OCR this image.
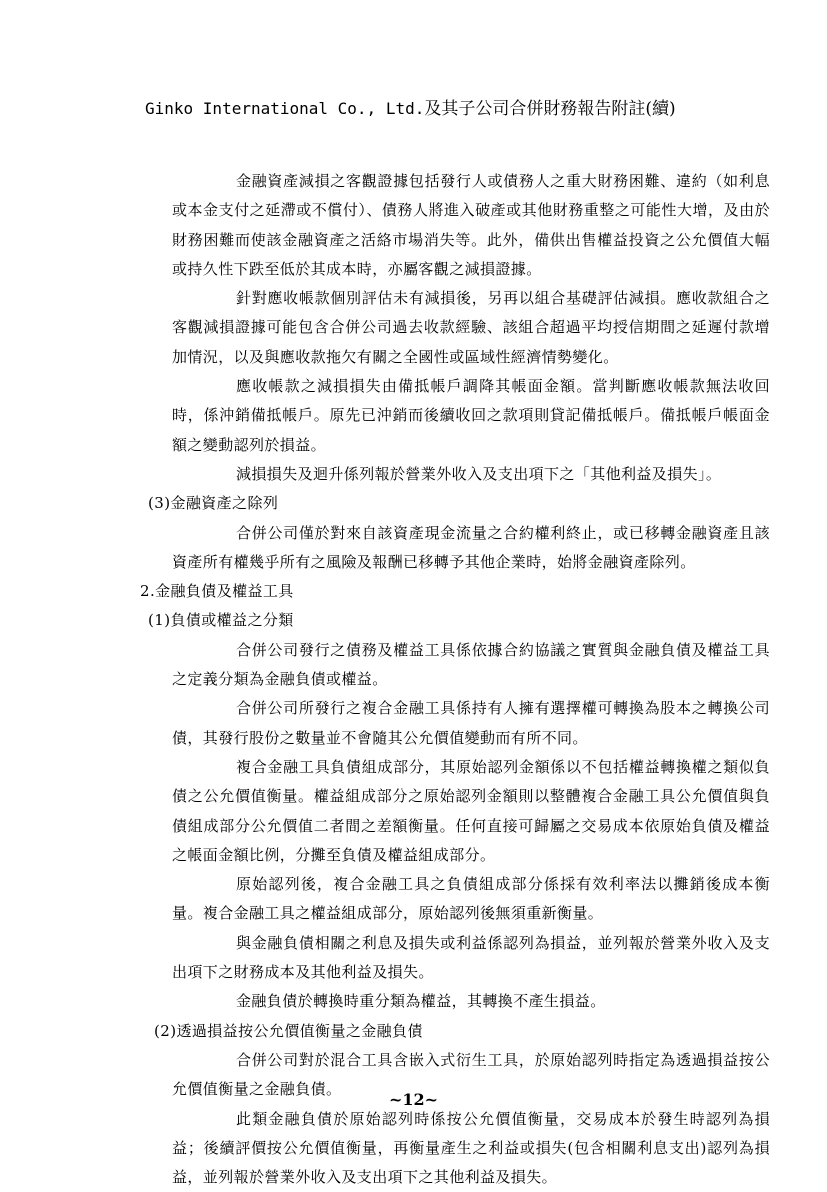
Ginko International Co., Ltd.及其子公司合併財務報告附註(續)

金融資產減損之客觀證據包括發行人或債務人之重大財務困難、違約（如利息或本金支付之延滯或不償付）、債務人將進入破產或其他財務重整之可能性大增，及由於財務困難而使該金融資產之活絡市場消失等。此外，備供出售權益投資之公允價值大幅或持久性下跌至低於其成本時，亦屬客觀之減損證據。

針對應收帳款個別評估未有減損後，另再以組合基礎評估減損。應收款組合之客觀減損證據可能包含合併公司過去收款經驗、該組合超過平均授信期間之延遲付款增加情況，以及與應收款拖欠有關之全國性或區域性經濟情勢變化。

應收帳款之減損損失由備抵帳戶調降其帳面金額。當判斷應收帳款無法收回時，係沖銷備抵帳戶。原先已沖銷而後續收回之款項則貸記備抵帳戶。備抵帳戶帳面金額之變動認列於損益。

減損損失及迴升係列報於營業外收入及支出項下之「其他利益及損失」。

(3)金融資產之除列

合併公司僅於對來自該資產現金流量之合約權利終止，或已移轉金融資產且該資產所有權幾乎所有之風險及報酬已移轉予其他企業時，始將金融資產除列。

2.金融負債及權益工具

(1)負債或權益之分類

合併公司發行之債務及權益工具係依據合約協議之實質與金融負債及權益工具之定義分類為金融負債或權益。

合併公司所發行之複合金融工具係持有人擁有選擇權可轉換為股本之轉換公司債，其發行股份之數量並不會隨其公允價值變動而有所不同。

複合金融工具負債組成部分，其原始認列金額係以不包括權益轉換權之類似負債之公允價值衡量。權益組成部分之原始認列金額則以整體複合金融工具公允價值與負債組成部分公允價值二者間之差額衡量。任何直接可歸屬之交易成本依原始負債及權益之帳面金額比例，分攤至負債及權益組成部分。

原始認列後，複合金融工具之負債組成部分係採有效利率法以攤銷後成本衡量。複合金融工具之權益組成部分，原始認列後無須重新衡量。

與金融負債相關之利息及損失或利益係認列為損益，並列報於營業外收入及支出項下之財務成本及其他利益及損失。

金融負債於轉換時重分類為權益，其轉換不產生損益。

(2)透過損益按公允價值衡量之金融負債

合併公司對於混合工具含嵌入式衍生工具，於原始認列時指定為透過損益按公允價值衡量之金融負債。

此類金融負債於原始認列時係按公允價值衡量，交易成本於發生時認列為損益；後續評價按公允價值衡量，再衡量產生之利益或損失(包含相關利息支出)認列為損益，並列報於營業外收入及支出項下之其他利益及損失。

~12~
